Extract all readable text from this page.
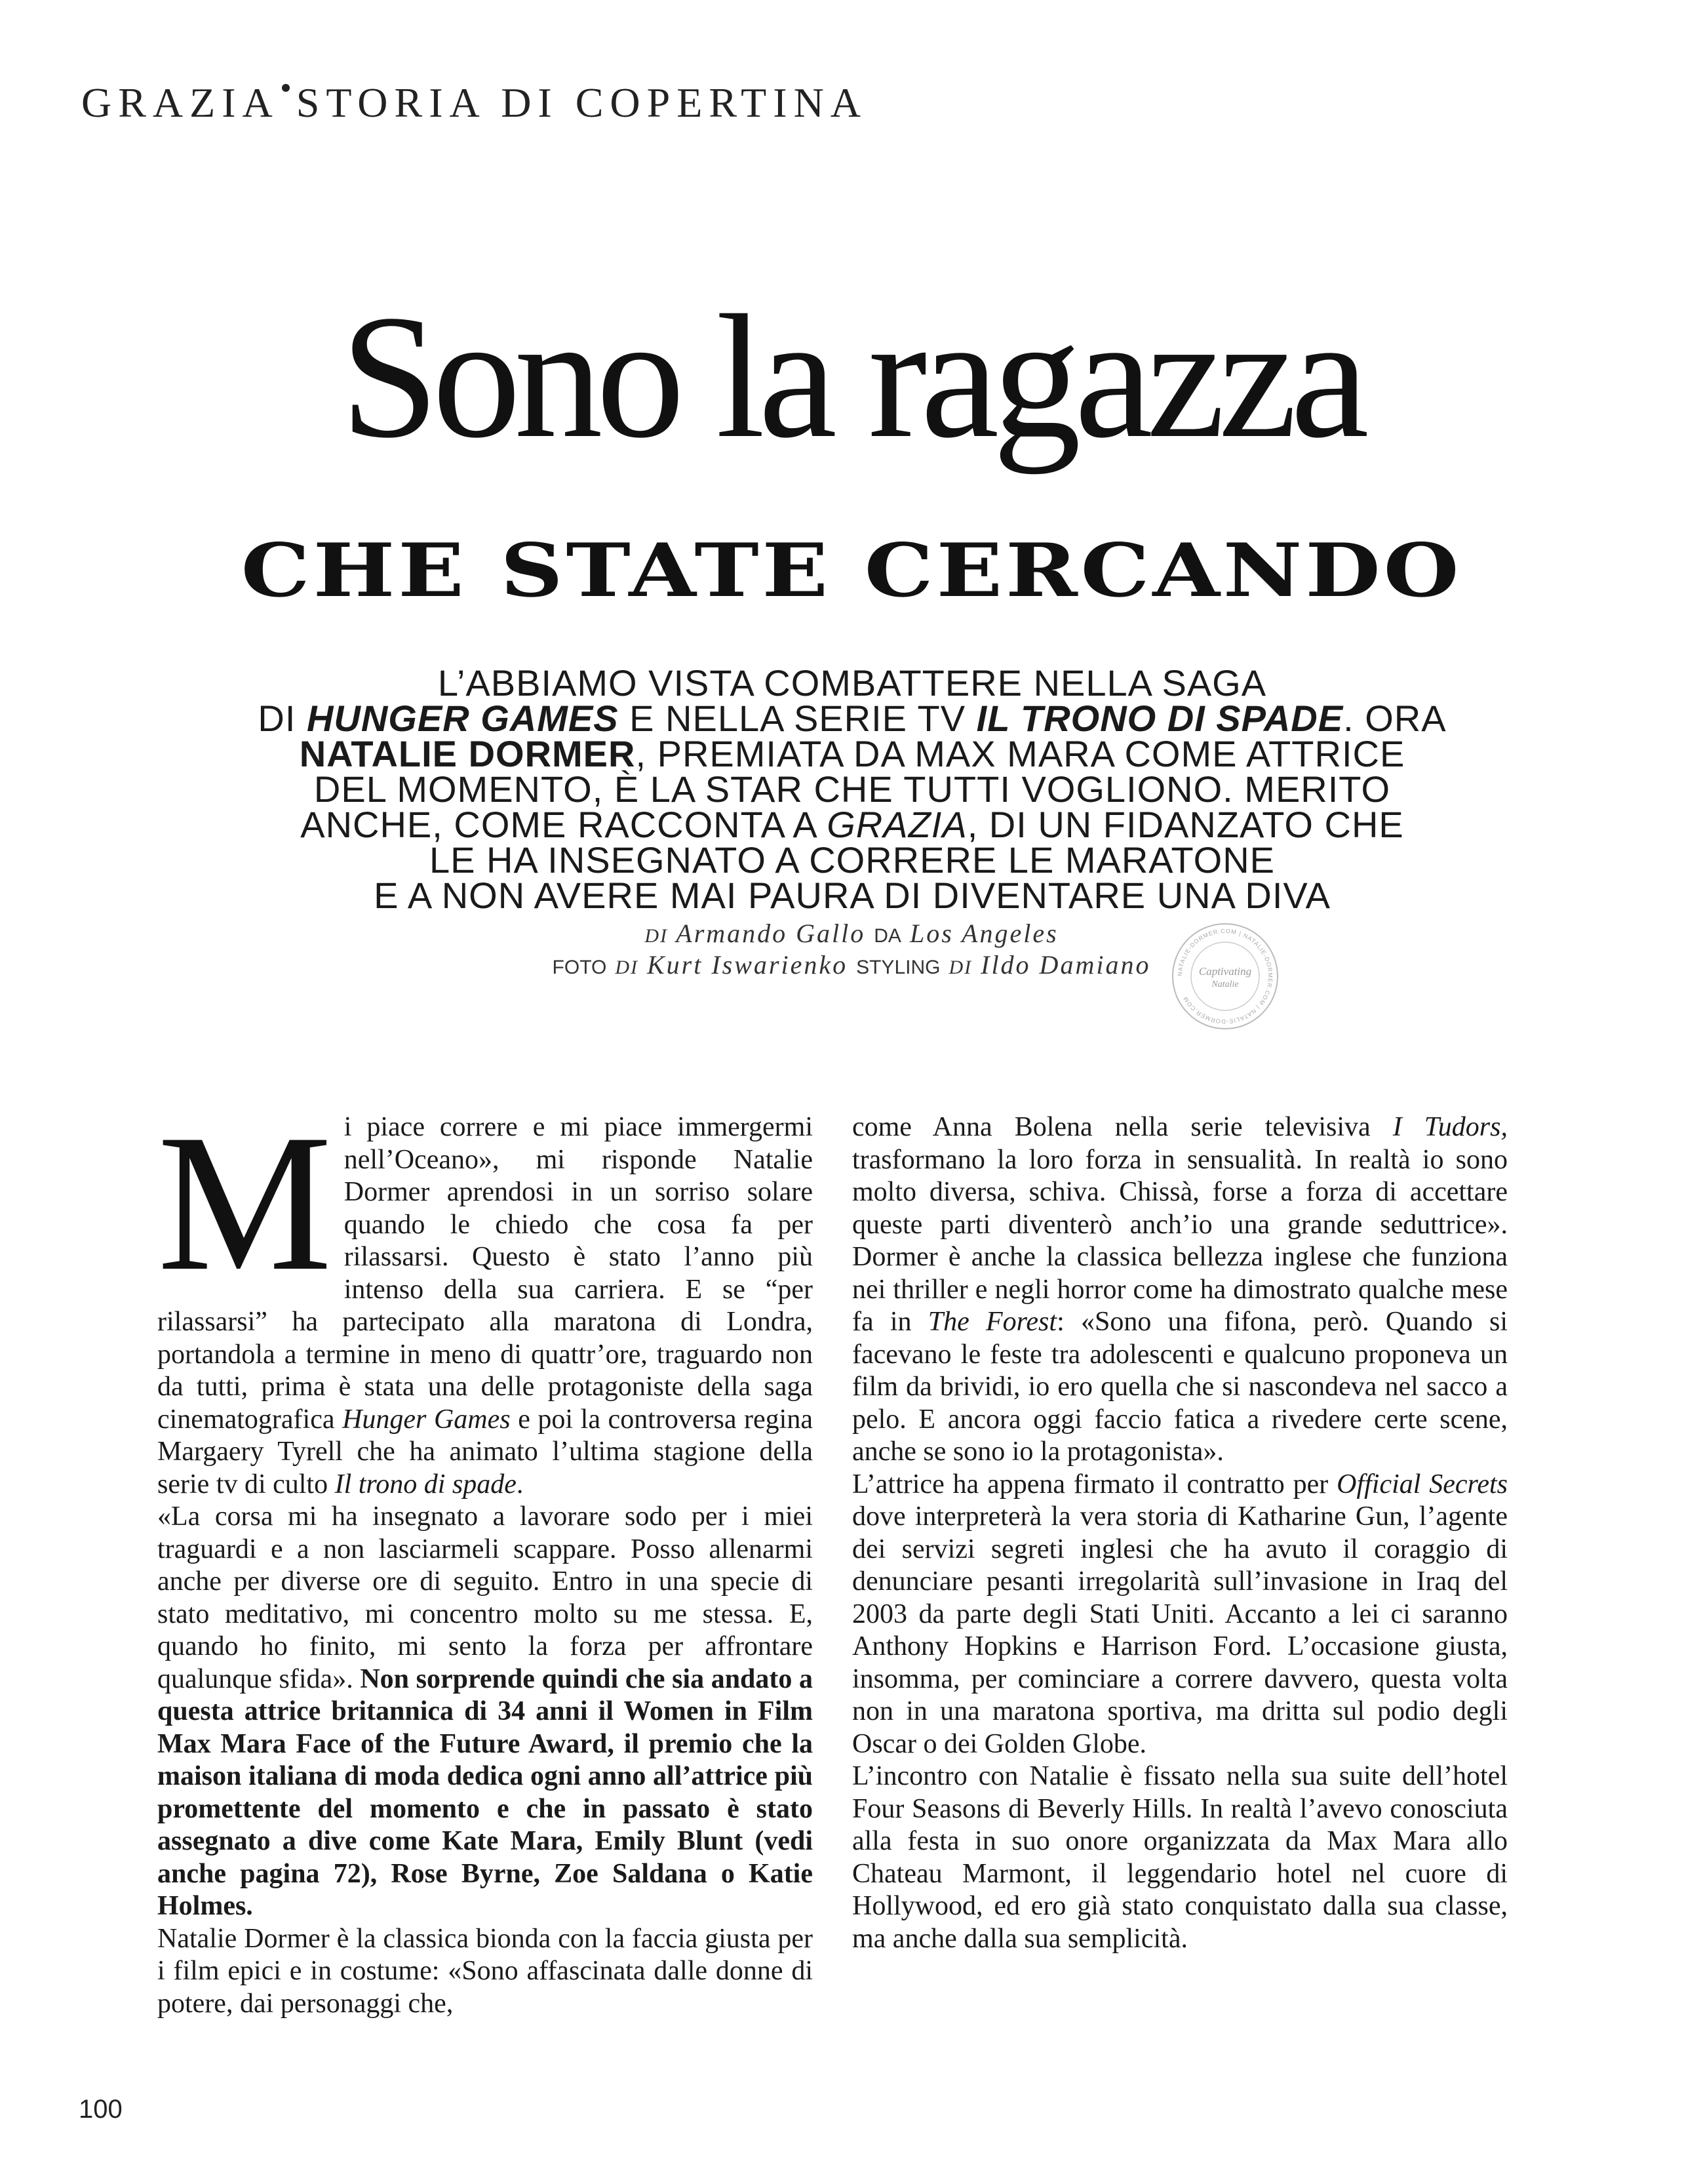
GRAZIA STORIA DI COPERTINA
Sono la ragazza
CHE STATE CERCANDO
L’ABBIAMO VISTA COMBATTERE NELLA SAGA
DI HUNGER GAMES E NELLA SERIE TV IL TRONO DI SPADE. ORA
NATALIE DORMER, PREMIATA DA MAX MARA COME ATTRICE
DEL MOMENTO, È LA STAR CHE TUTTI VOGLIONO. MERITO
ANCHE, COME RACCONTA A GRAZIA, DI UN FIDANZATO CHE
LE HA INSEGNATO A CORRERE LE MARATONE
E A NON AVERE MAI PAURA DI DIVENTARE UNA DIVA
DI Armando Gallo DA Los Angeles
FOTO DI Kurt Iswarienko STYLING DI Ildo Damiano	NATALIE-DORMER.COM | NATALIE-DORMER.COM | NATALIE-DORMER.COM
Captivating
Natalie

Mi piace correre e mi piace immergermi nell’Oceano», mi risponde Natalie Dormer aprendosi in un sorriso solare quando le chiedo che cosa fa per rilassarsi. Questo è stato l’anno più intenso della sua carriera. E se “per rilassarsi” ha partecipato alla maratona di Londra, portandola a termine in meno di quattr’ore, traguardo non da tutti, prima è stata una delle protagoniste della saga cinematografica Hunger Games e poi la controversa regina Margaery Tyrell che ha animato l’ultima stagione della serie tv di culto Il trono di spade.

«La corsa mi ha insegnato a lavorare sodo per i miei traguardi e a non lasciarmeli scappare. Posso allenarmi anche per diverse ore di seguito. Entro in una specie di stato meditativo, mi concentro molto su me stessa. E, quando ho finito, mi sento la forza per affrontare qualunque sfida». Non sorprende quindi che sia andato a questa attrice britannica di 34 anni il Women in Film Max Mara Face of the Future Award, il premio che la maison italiana di moda dedica ogni anno all’attrice più promettente del momento e che in passato è stato assegnato a dive come Kate Mara, Emily Blunt (vedi anche pagina 72), Rose Byrne, Zoe Saldana o Katie Holmes.

Natalie Dormer è la classica bionda con la faccia giusta per i film epici e in costume: «Sono affascinata dalle donne di potere, dai personaggi che,

come Anna Bolena nella serie televisiva I Tudors, trasformano la loro forza in sensualità. In realtà io sono molto diversa, schiva. Chissà, forse a forza di accettare queste parti diventerò anch’io una grande seduttrice». Dormer è anche la classica bellezza inglese che funziona nei thriller e negli horror come ha dimostrato qualche mese fa in The Forest: «Sono una fifona, però. Quando si facevano le feste tra adolescenti e qualcuno proponeva un film da brividi, io ero quella che si nascondeva nel sacco a pelo. E ancora oggi faccio fatica a rivedere certe scene, anche se sono io la protagonista».

L’attrice ha appena firmato il contratto per Official Secrets dove interpreterà la vera storia di Katharine Gun, l’agente dei servizi segreti inglesi che ha avuto il coraggio di denunciare pesanti irregolarità sull’invasione in Iraq del 2003 da parte degli Stati Uniti. Accanto a lei ci saranno Anthony Hopkins e Harrison Ford. L’occasione giusta, insomma, per cominciare a correre davvero, questa volta non in una maratona sportiva, ma dritta sul podio degli Oscar o dei Golden Globe.

L’incontro con Natalie è fissato nella sua suite dell’hotel Four Seasons di Beverly Hills. In realtà l’avevo conosciuta alla festa in suo onore organizzata da Max Mara allo Chateau Marmont, il leggendario hotel nel cuore di Hollywood, ed ero già stato conquistato dalla sua classe, ma anche dalla sua semplicità.

100
